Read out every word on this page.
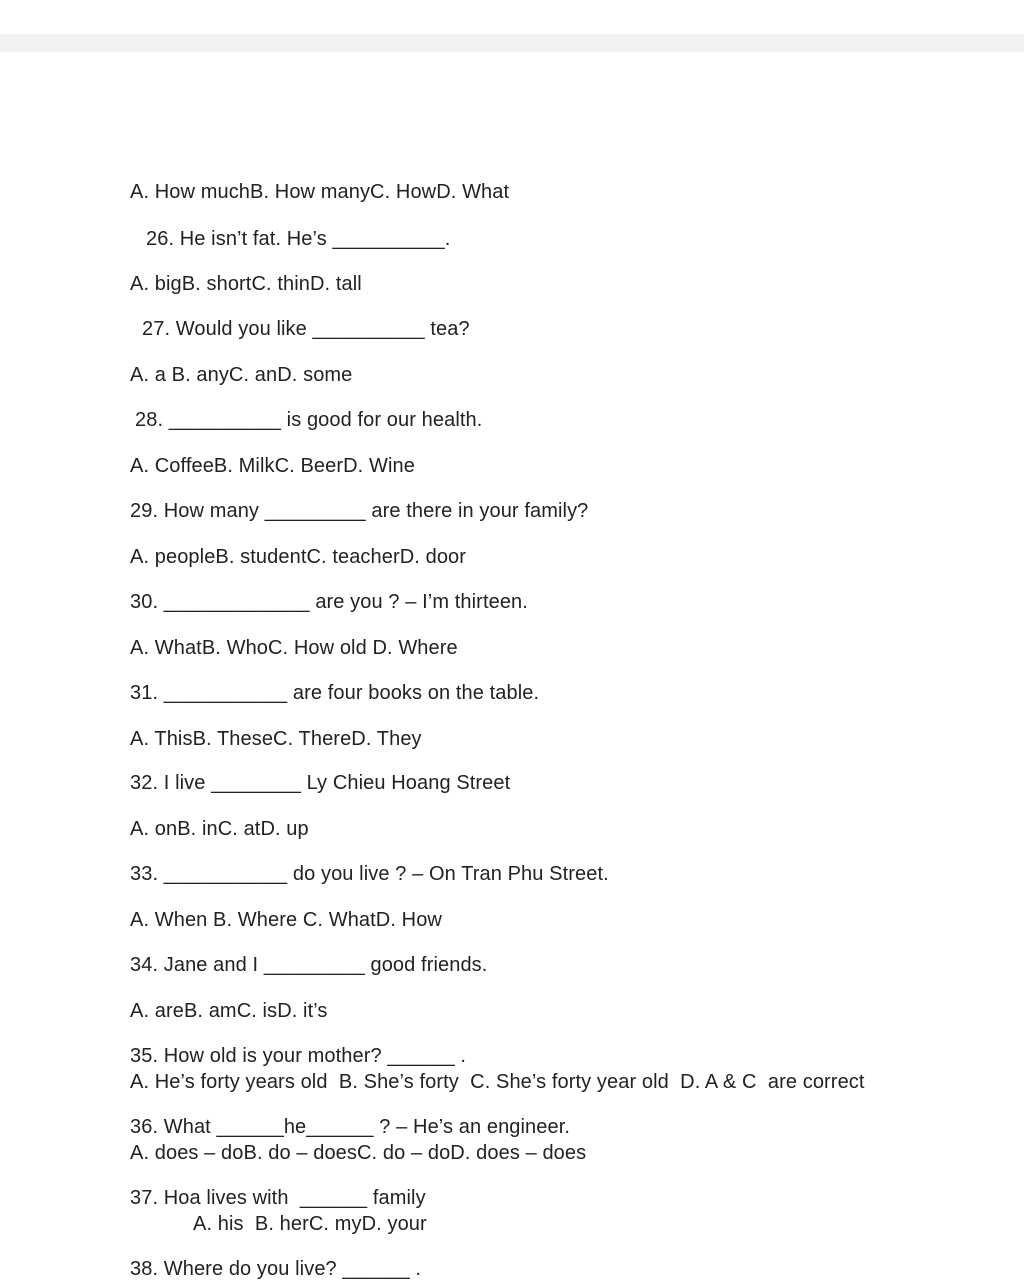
A. How muchB. How manyC. HowD. What
26. He isn’t fat. He’s __________.
A. bigB. shortC. thinD. tall
27. Would you like __________ tea?
A. a B. anyC. anD. some
28. __________ is good for our health.
A. CoffeeB. MilkC. BeerD. Wine
29. How many _________ are there in your family?
A. peopleB. studentC. teacherD. door
30. _____________ are you ? – I’m thirteen.
A. WhatB. WhoC. How old D. Where
31. ___________ are four books on the table.
A. ThisB. TheseC. ThereD. They
32. I live ________ Ly Chieu Hoang Street
A. onB. inC. atD. up
33. ___________ do you live ? – On Tran Phu Street.
A. When B. Where C. WhatD. How
34. Jane and I _________ good friends.
A. areB. amC. isD. it’s
35. How old is your mother? ______ .
A. He’s forty years old  B. She’s forty  C. She’s forty year old  D. A & C  are correct
36. What ______he______ ? – He’s an engineer.
A. does – doB. do – doesC. do – doD. does – does
37. Hoa lives with  ______ family
A. his  B. herC. myD. your
38. Where do you live? ______ .
